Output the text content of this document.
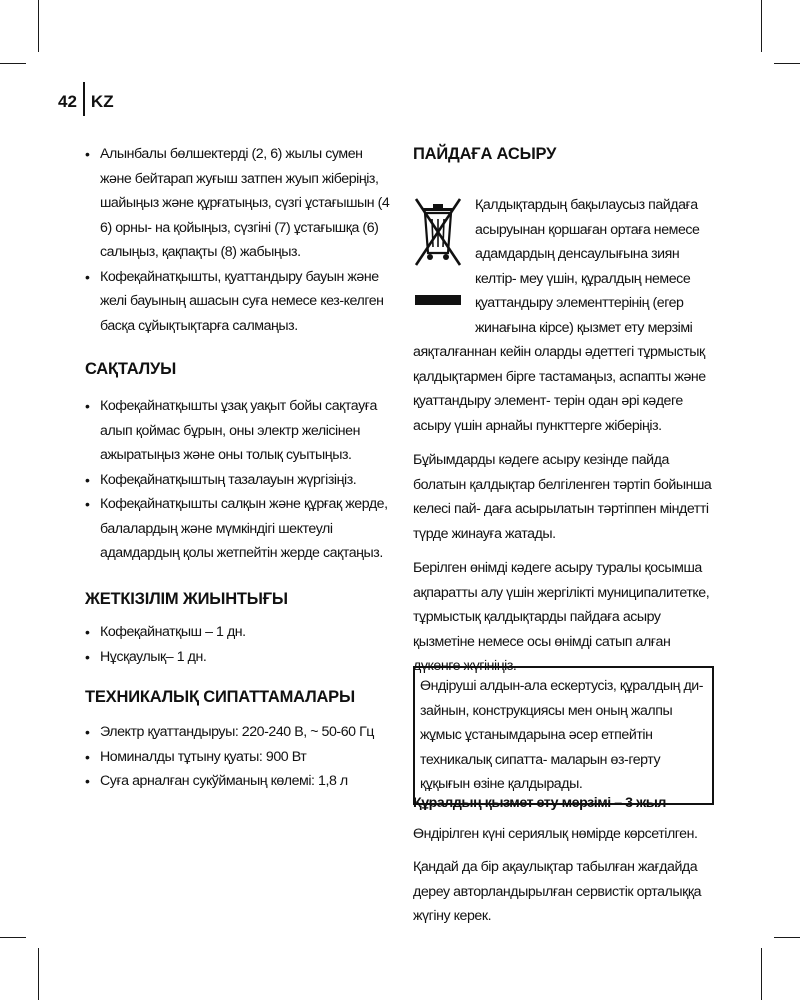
42 KZ
• Алынбалы бөлшектерді (2, 6) жылы сумен және бейтарап жуғыш затпен жуып жіберіңіз, шайыңыз және құрғатыңыз, сүзгі ұстағышын (4 6) орны- на қойыңыз, сүзгіні (7) ұстағышқа (6) салыңыз, қақпақты (8) жабыңыз.
• Кофеқайнатқышты, қуаттандыру бауын және желі бауының ашасын суға немесе кез-келген басқа сұйықтықтарға салмаңыз.
САҚТАЛУЫ
• Кофеқайнатқышты ұзақ уақыт бойы сақтауға алып қоймас бұрын, оны электр желісінен ажыратыңыз және оны толық суытыңыз.
• Кофеқайнатқыштың тазалауын жүргізіңіз.
• Кофеқайнатқышты салқын және құрғақ жерде, балалардың және мүмкіндігі шектеулі адамдардың қолы жетпейтін жерде сақтаңыз.
ЖЕТКІЗІЛІМ ЖИЫНТЫҒЫ
• Кофеқайнатқыш – 1 дн.
• Нұсқаулық– 1 дн.
ТЕХНИКАЛЫҚ СИПАТТАМАЛАРЫ
• Электр қуаттандыруы: 220-240 В, ~ 50-60 Гц
• Номиналды тұтыну қуаты: 900 Вт
• Суға арналған сукўйманың көлемі: 1,8 л
ПАЙДАҒА АСЫРУ
Қалдықтардың бақылаусыз пайдаға асыруынан қоршаған ортаға немесе адамдардың денсаулығына зиян келтір- меу үшін, құралдың немесе қуаттандыру элементтерінің (егер жинағына кірсе) қызмет ету мерзімі аяқталғаннан кейін оларды әдеттегі тұрмыстық қалдықтармен бірге тастамаңыз, аспапты және қуаттандыру элемент- терін одан әрі кәдеге асыру үшін арнайы пункттерге жіберіңіз.
Бұйымдарды кәдеге асыру кезінде пайда болатын қалдықтар белгіленген тәртіп бойынша келесі пай- даға асырылатын тәртіппен міндетті түрде жинауға жатады.
Берілген өнімді кәдеге асыру туралы қосымша ақпаратты алу үшін жергілікті муниципалитетке, тұрмыстық қалдықтарды пайдаға асыру қызметіне немесе осы өнімді сатып алған дүкенге жүгініңіз.
Өндіруші алдын-ала ескертусіз, құралдың ди- зайнын, конструкциясы мен оның жалпы жұмыс ұстанымдарына әсер етпейтін техникалық сипатта- маларын өз-герту құқығын өзіне қалдырады.
Құралдың қызмет ету мерзімі – 3 жыл
Өндірілген күні сериялық нөмірде көрсетілген.
Қандай да бір ақаулықтар табылған жағдайда дереу авторландырылған сервистік орталыққа жүгіну керек.
